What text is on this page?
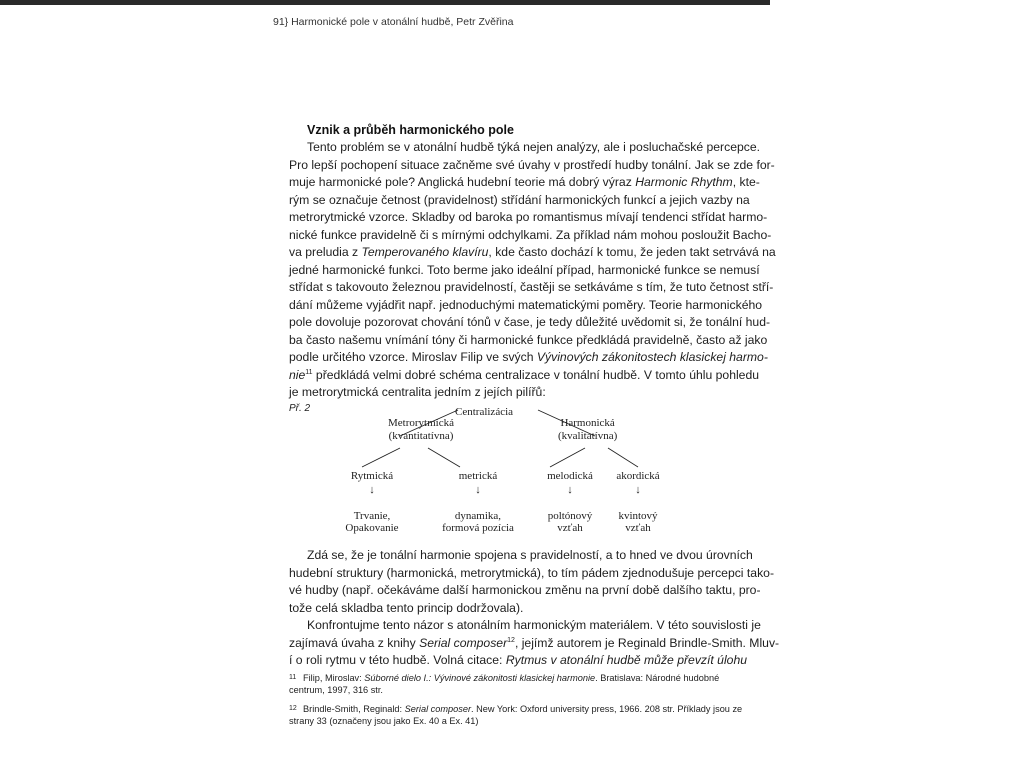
91} Harmonické pole v atonální hudbě, Petr Zvěřina
Vznik a průběh harmonického pole
Tento problém se v atonální hudbě týká nejen analýzy, ale i posluchačské percepce.
Pro lepší pochopení situace začněme své úvahy v prostředí hudby tonální. Jak se zde for-
muje harmonické pole? Anglická hudební teorie má dobrý výraz Harmonic Rhythm, kte-
rým se označuje četnost (pravidelnost) střídání harmonických funkcí a jejich vazby na
metrorytmické vzorce. Skladby od baroka po romantismus mívají tendenci střídat harmo-
nické funkce pravidelně či s mírnými odchylkami. Za příklad nám mohou posloužit Bacho-
va preludia z Temperovaného klavíru, kde často dochází k tomu, že jeden takt setrvává na
jedné harmonické funkci. Toto berme jako ideální případ, harmonické funkce se nemusí
střídat s takovouto železnou pravidelností, častěji se setkáváme s tím, že tuto četnost stří-
dání můžeme vyjádřit např. jednoduchými matematickými poměry. Teorie harmonického
pole dovoluje pozorovat chování tónů v čase, je tedy důležité uvědomit si, že tonální hud-
ba často našemu vnímání tóny či harmonické funkce předkládá pravidelně, často až jako
podle určitého vzorce. Miroslav Filip ve svých Vývinových zákonitostech klasickej harmo-
nie$^{11}$ předkládá velmi dobré schéma centralizace v tonální hudbě. V tomto úhlu pohledu
je metrorytmická centralita jedním z jejích pilířů:
Př. 2	Centralizácia
Metrorytmická
(kvantitatívna)
Harmonická
(kvalitatívna)
Rytmická
↓
Trvanie,
Opakovanie
metrická
↓
dynamika,
formová pozícia
melodická
↓
poltónový
vzťah
akordická
↓
kvintový
vzťah
Zdá se, že je tonální harmonie spojena s pravidelností, a to hned ve dvou úrovních
hudební struktury (harmonická, metrorytmická), to tím pádem zjednodušuje percepci tako-
vé hudby (např. očekáváme další harmonickou změnu na první době dalšího taktu, pro-
tože celá skladba tento princip dodržovala).
Konfrontujme tento názor s atonálním harmonickým materiálem. V této souvislosti je
zajímavá úvaha z knihy Serial composer$^{12}$, jejímž autorem je Reginald Brindle-Smith. Mluv-
í o roli rytmu v této hudbě. Volná citace: Rytmus v atonální hudbě může převzít úlohu

11 Filip, Miroslav: Súborné dielo I.: Vývinové zákonitosti klasickej harmonie. Bratislava: Národné hudobné centrum, 1997, 316 str.

12 Brindle-Smith, Reginald: Serial composer. New York: Oxford university press, 1966. 208 str. Příklady jsou ze strany 33 (označeny jsou jako Ex. 40 a Ex. 41)
